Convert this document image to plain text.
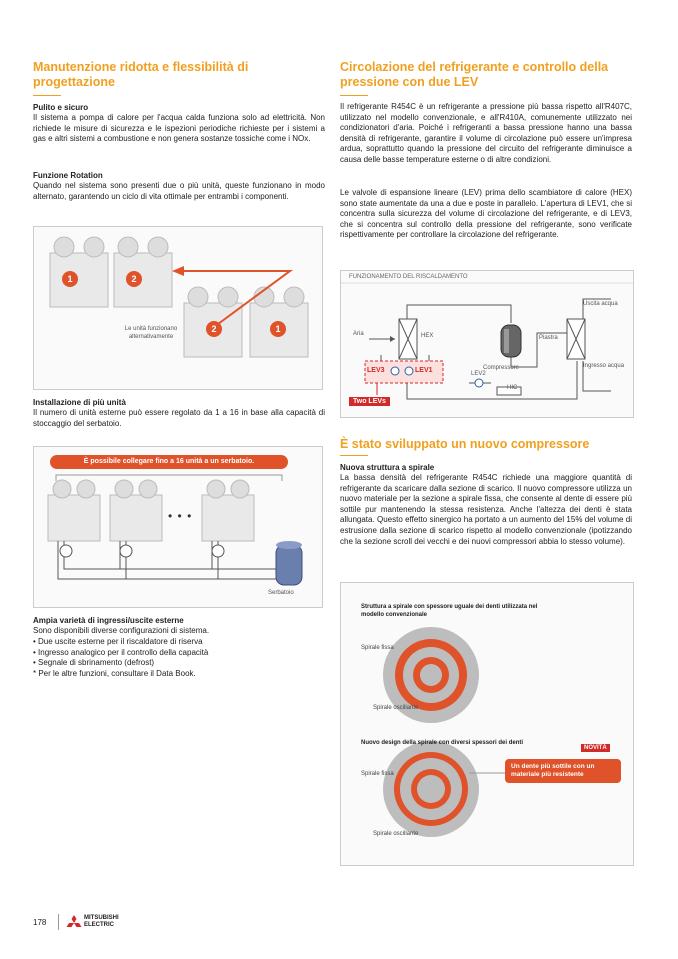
Manutenzione ridotta e flessibilità di progettazione
Pulito e sicuro
Il sistema a pompa di calore per l'acqua calda funziona solo ad elettricità. Non richiede le misure di sicurezza e le ispezioni periodiche richieste per i sistemi a gas e altri sistemi a combustione e non genera sostanze tossiche come i NOx.
Funzione Rotation
Quando nel sistema sono presenti due o più unità, queste funzionano in modo alternato, garantendo un ciclo di vita ottimale per entrambi i componenti.
1	2
2	1
Le unità funzionano alternativamente
Installazione di più unità
Il numero di unità esterne può essere regolato da 1 a 16 in base alla capacità di stoccaggio del serbatoio.
È possibile collegare fino a 16 unità a un serbatoio.
• • •
Serbatoio
Ampia varietà di ingressi/uscite esterne
Sono disponibili diverse configurazioni di sistema.
• Due uscite esterne per il riscaldatore di riserva
• Ingresso analogico per il controllo della capacità
• Segnale di sbrinamento (defrost)
* Per le altre funzioni, consultare il Data Book.
Circolazione del refrigerante e controllo della pressione con due LEV
Il refrigerante R454C è un refrigerante a pressione più bassa rispetto all'R407C, utilizzato nel modello convenzionale, e all'R410A, comunemente utilizzato nei condizionatori d'aria. Poiché i refrigeranti a bassa pressione hanno una bassa densità di refrigerante, garantire il volume di circolazione può essere un'impresa ardua, soprattutto quando la pressione del circuito del refrigerante diminuisce a causa delle basse temperature esterne o di altre condizioni.
Le valvole di espansione lineare (LEV) prima dello scambiatore di calore (HEX) sono state aumentate da una a due e poste in parallelo. L'apertura di LEV1, che si concentra sulla sicurezza del volume di circolazione del refrigerante, e di LEV3, che si concentra sul controllo della pressione del refrigerante, sono verificate rispettivamente per controllare la circolazione del refrigerante.
FUNZIONAMENTO DEL RISCALDAMENTO
Aria	HEX
Compressore
Piastra
Uscita acqua
Ingresso acqua
LEV3	LEV1	LEV2
HIC
Two LEVs
È stato sviluppato un nuovo compressore
Nuova struttura a spirale
La bassa densità del refrigerante R454C richiede una maggiore quantità di refrigerante da scaricare dalla sezione di scarico. Il nuovo compressore utilizza un nuovo materiale per la sezione a spirale fissa, che consente al dente di essere più sottile pur mantenendo la stessa resistenza. Anche l'altezza dei denti è stata allungata. Questo effetto sinergico ha portato a un aumento del 15% del volume di estrusione dalla sezione di scarico rispetto al modello convenzionale (ipotizzando che la sezione scroll dei vecchi e dei nuovi compressori abbia lo stesso volume).
Struttura a spirale con spessore uguale dei denti utilizzata nel modello convenzionale
Spirale fissa
Spirale oscillante
Nuovo design della spirale con diversi spessori dei denti
NOVITÀ
Un dente più sottile con un materiale più resistente
Spirale fissa
Spirale oscillante
178	MITSUBISHI
ELECTRIC
